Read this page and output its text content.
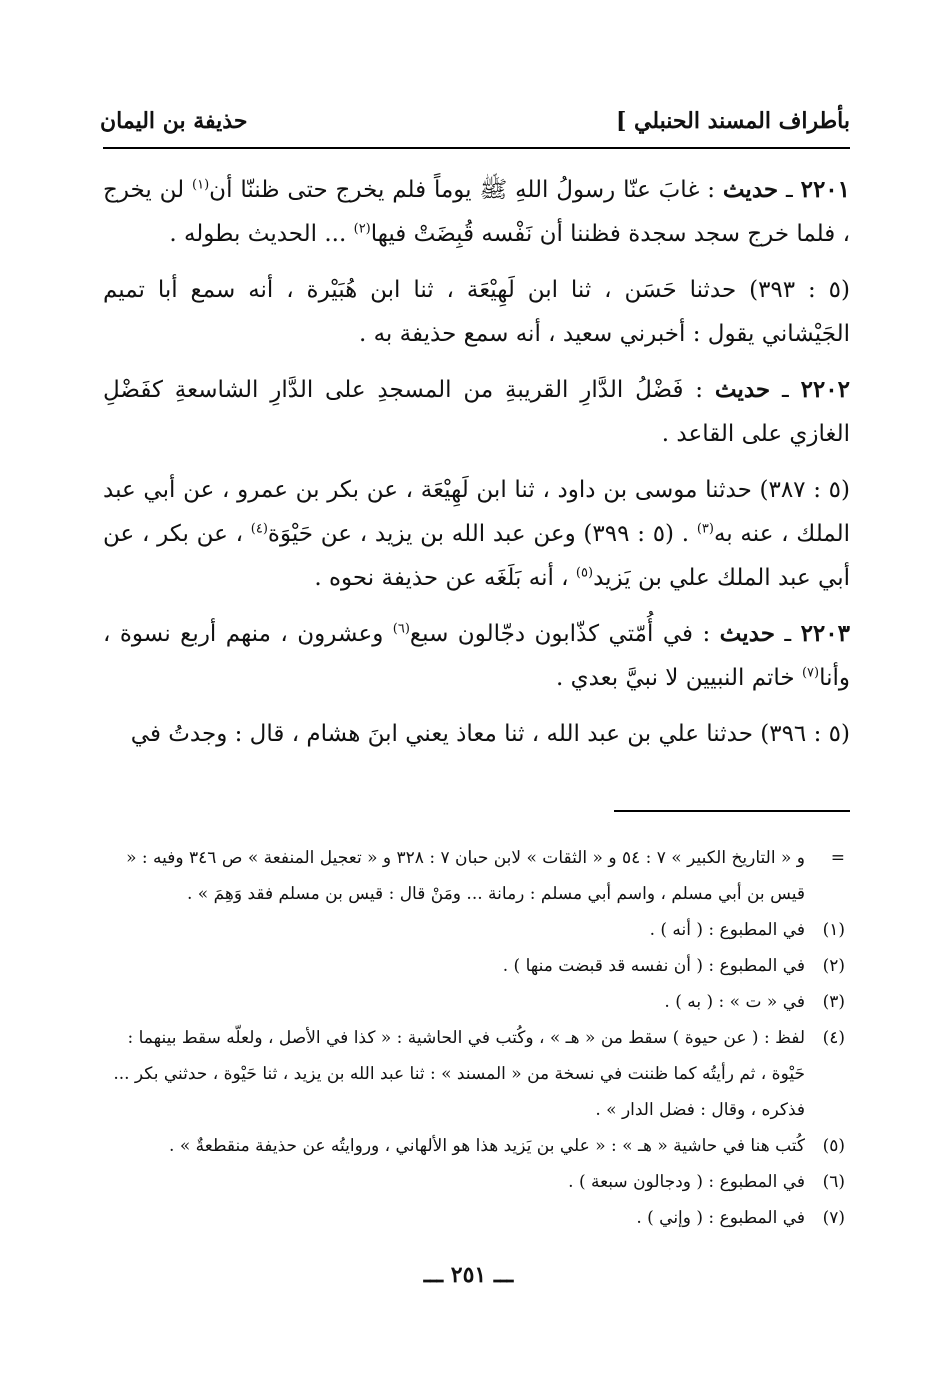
بأطراف المسند الحنبلي ]
حذيفة بن اليمان

٢٢٠١ ـ حديث : غابَ عنّا رسولُ اللهِ ﷺ يوماً فلم يخرج حتى ظننّا أن$^{(١)}$ لن يخرج ، فلما خرج سجد سجدة فظننا أن نَفْسه قُبِضَتْ فيها$^{(٢)}$ ... الحديث بطوله .

(٥ : ٣٩٣) حدثنا حَسَن ، ثنا ابن لَهِيْعَة ، ثنا ابن هُبَيْرة ، أنه سمع أبا تميم الجَيْشاني يقول : أخبرني سعيد ، أنه سمع حذيفة به .

٢٢٠٢ ـ حديث : فَضْلُ الدَّارِ القريبةِ من المسجدِ على الدَّارِ الشاسعةِ كفَضْلِ الغازي على القاعد .

(٥ : ٣٨٧) حدثنا موسى بن داود ، ثنا ابن لَهِيْعَة ، عن بكر بن عمرو ، عن أبي عبد الملك ، عنه به$^{(٣)}$ . (٥ : ٣٩٩) وعن عبد الله بن يزيد ، عن حَيْوَة$^{(٤)}$ ، عن بكر ، عن أبي عبد الملك علي بن يَزيد$^{(٥)}$ ، أنه بَلَغَه عن حذيفة نحوه .

٢٢٠٣ ـ حديث : في أُمّتي كذّابون دجّالون سبع$^{(٦)}$ وعشرون ، منهم أربع نسوة ، وأنا$^{(٧)}$ خاتم النبيين لا نبيَّ بعدي .

(٥ : ٣٩٦) حدثنا علي بن عبد الله ، ثنا معاذ يعني ابنَ هشام ، قال : وجدتُ في

=
و « التاريخ الكبير » ٧ : ٥٤ و « الثقات » لابن حبان ٧ : ٣٢٨ و « تعجيل المنفعة » ص ٣٤٦ وفيه : « قيس بن أبي مسلم ، واسم أبي مسلم : رمانة ... ومَنْ قال : قيس بن مسلم فقد وَهِمَ » .
(١)
في المطبوع : ( أنه ) .
(٢)
في المطبوع : ( أن نفسه قد قبضت منها ) .
(٣)
في « ت » : ( به ) .
(٤)
لفظ : ( عن حيوة ) سقط من « هـ » ، وكُتب في الحاشية : « كذا في الأصل ، ولعلّه سقط بينهما : حَيْوة ، ثم رأيتُه كما ظننت في نسخة من « المسند » : ثنا عبد الله بن يزيد ، ثنا حَيْوة ، حدثني بكر ... فذكره ، وقال : فضل الدار » .
(٥)
كُتب هنا في حاشية « هـ » : « علي بن يَزيد هذا هو الألهاني ، وروايتُه عن حذيفة منقطعةٌ » .
(٦)
في المطبوع : ( ودجالون سبعة ) .
(٧)
في المطبوع : ( وإني ) .
ـــ ٢٥١ ـــ
